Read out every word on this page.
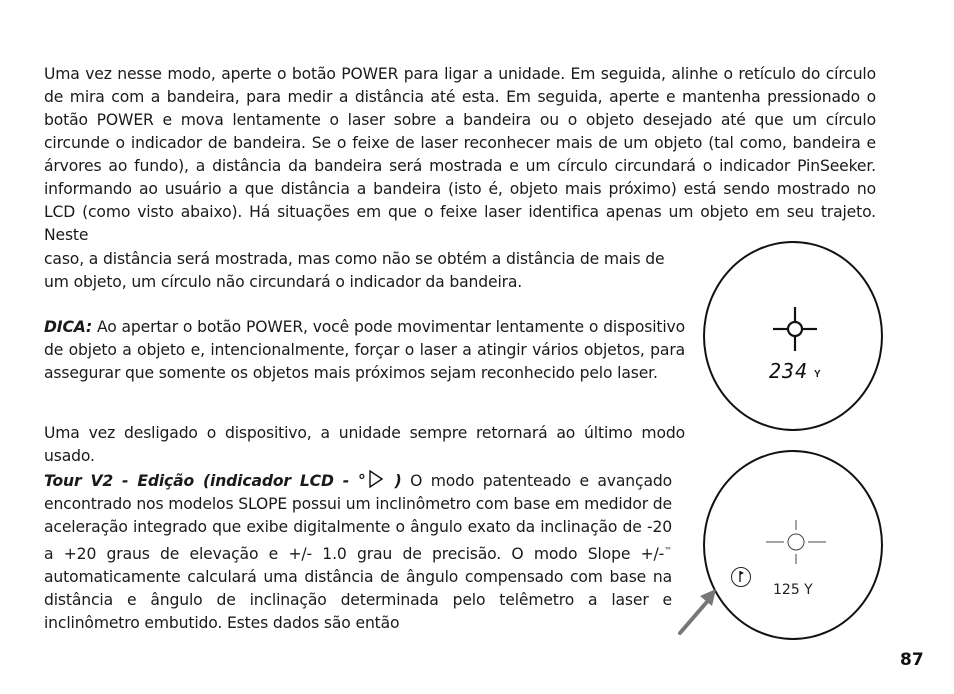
Uma vez nesse modo, aperte o botão POWER para ligar a unidade. Em seguida, alinhe o retículo do círculo de mira com a bandeira, para medir a distância até esta. Em seguida, aperte e mantenha pressionado o botão POWER e mova lentamente o laser sobre a bandeira ou o objeto desejado até que um círculo circunde o indicador de bandeira. Se o feixe de laser reconhecer mais de um objeto (tal como, bandeira e árvores ao fundo), a distância da bandeira será mostrada e um círculo circundará o indicador PinSeeker. informando ao usuário a que distância a bandeira (isto é, objeto mais próximo) está sendo mostrado no LCD (como visto abaixo). Há situações em que o feixe laser identifica apenas um objeto em seu trajeto. Neste
caso, a distância será mostrada, mas como não se obtém a distância de mais de um objeto, um círculo não circundará o indicador da bandeira.
DICA: Ao apertar o botão POWER, você pode movimentar lentamente o dispositivo de objeto a objeto e, intencionalmente, forçar o laser a atingir vários objetos, para assegurar que somente os objetos mais próximos sejam reconhecido pelo laser.
Uma vez desligado o dispositivo, a unidade sempre retornará ao último modo usado.
Tour V2 - Edição (indicador LCD - ° ) O modo patenteado e avançado encontrado nos modelos SLOPE possui um inclinômetro com base em medidor de aceleração integrado que exibe digitalmente o ângulo exato da inclinação de -20 a +20 graus de elevação e +/- 1.0 grau de precisão. O modo Slope +/-™ automaticamente calculará uma distância de ângulo compensado com base na distância e ângulo de inclinação determinada pelo telêmetro a laser e inclinômetro embutido. Estes dados são então
234 Y
125 Y
87
